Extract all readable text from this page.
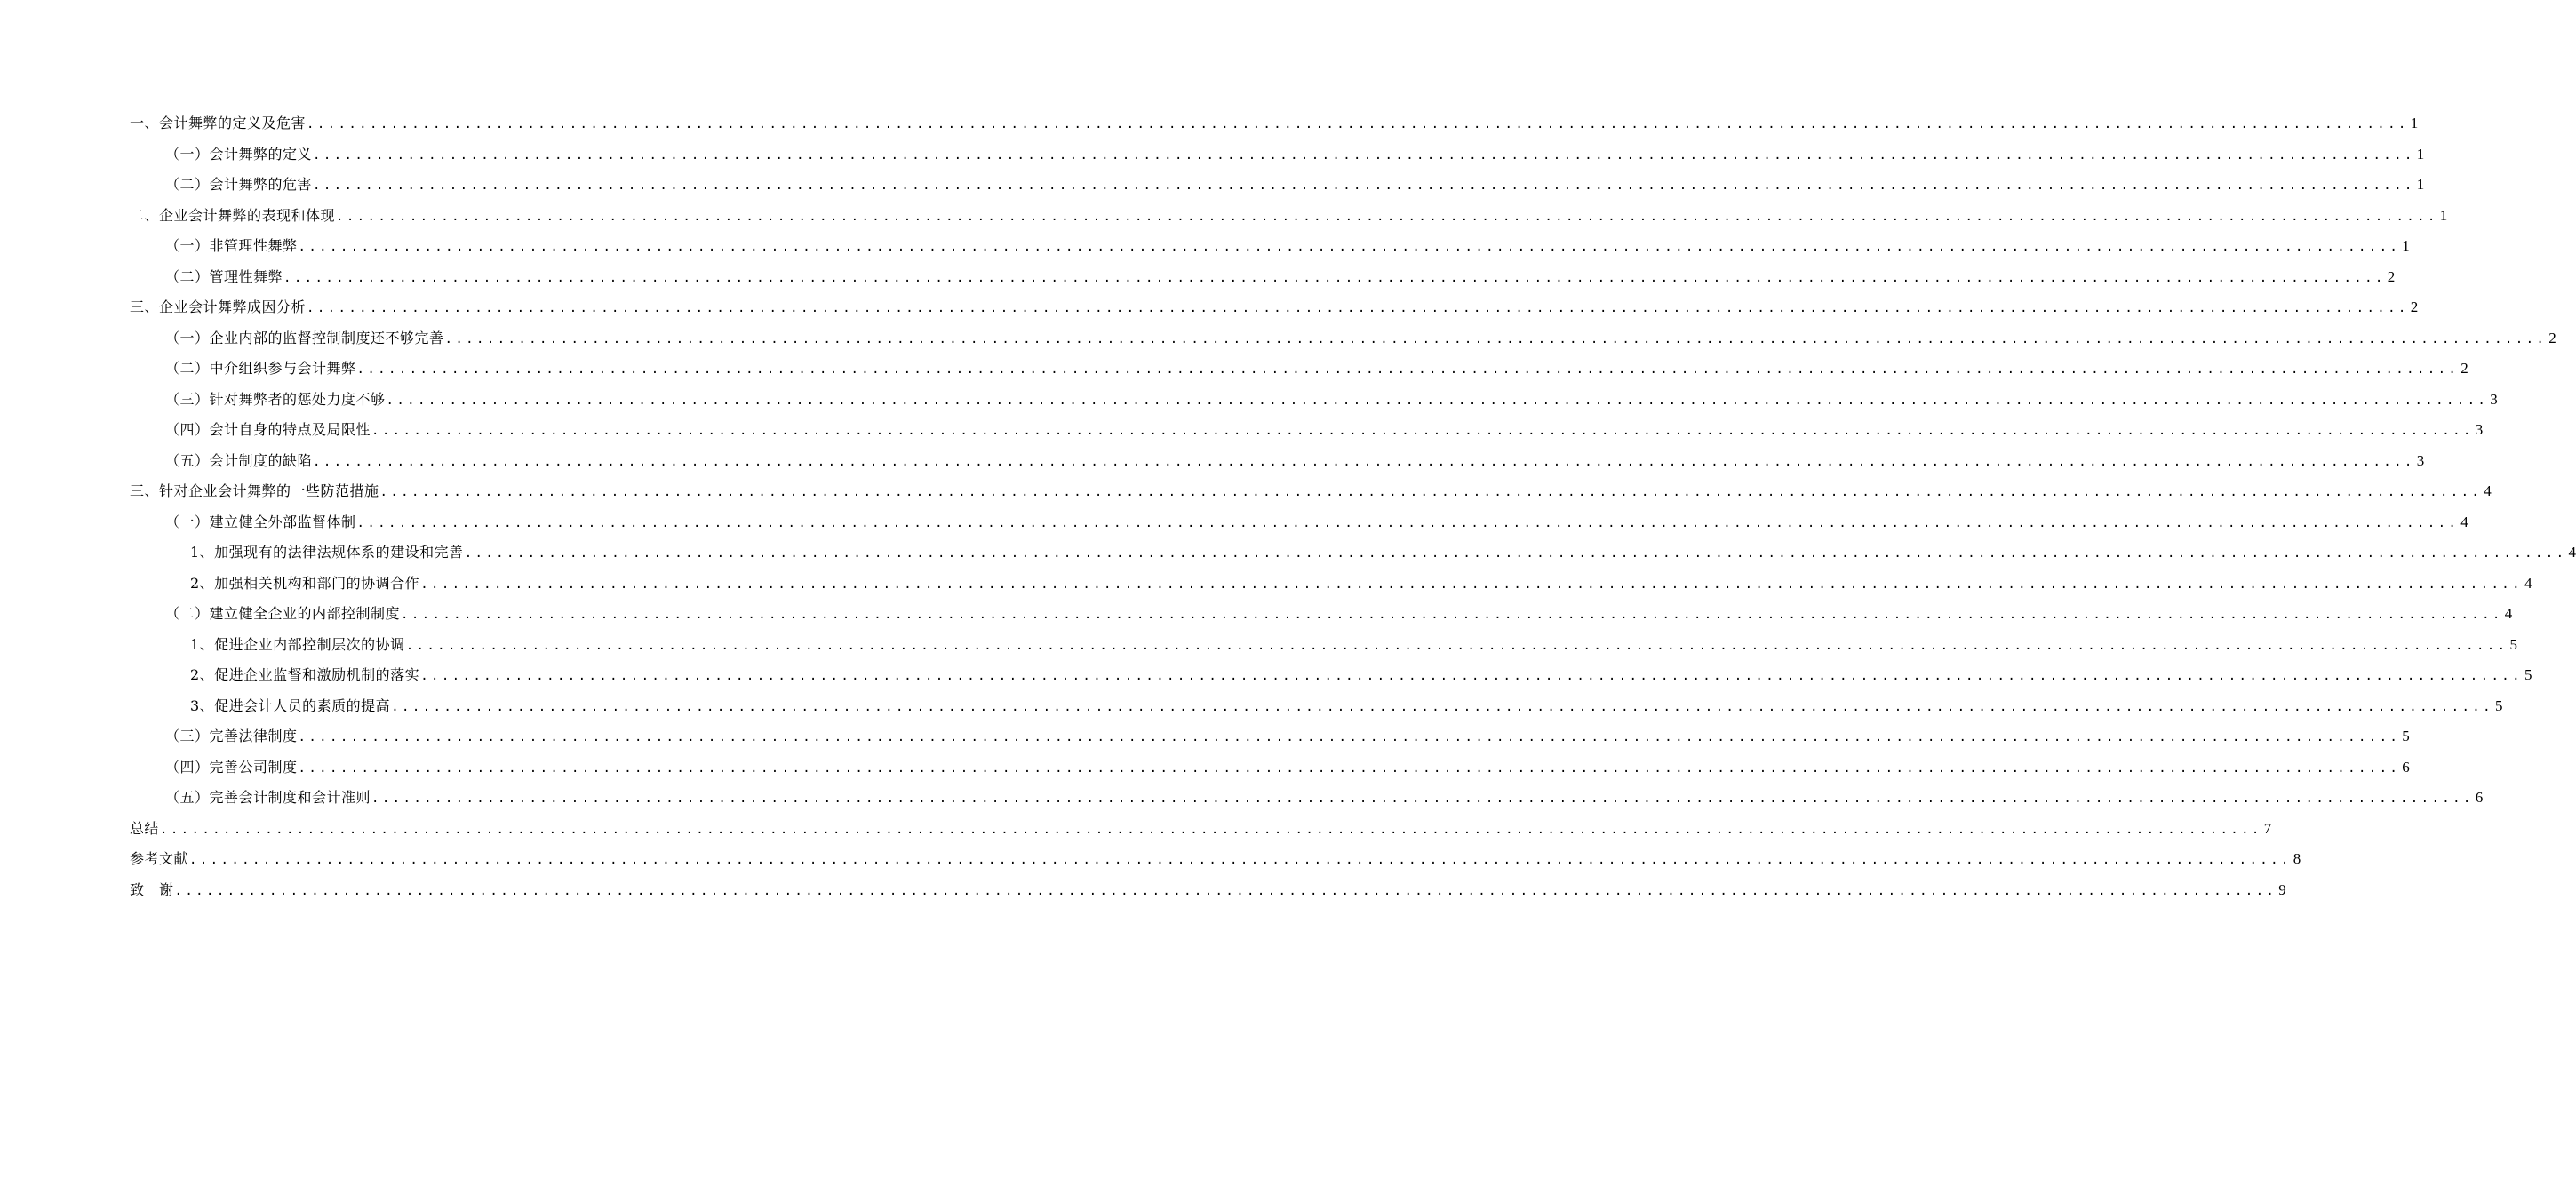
一、会计舞弊的定义及危害 ........................................................................................................................................................................................................ 1
（一）会计舞弊的定义 ........................................................................................................................................................................................................ 1
（二）会计舞弊的危害 ........................................................................................................................................................................................................ 1
二、企业会计舞弊的表现和体现 ........................................................................................................................................................................................................ 1
（一）非管理性舞弊 ........................................................................................................................................................................................................ 1
（二）管理性舞弊 ........................................................................................................................................................................................................ 2
三、企业会计舞弊成因分析 ........................................................................................................................................................................................................ 2
（一）企业内部的监督控制制度还不够完善 ........................................................................................................................................................................................................ 2
（二）中介组织参与会计舞弊 ........................................................................................................................................................................................................ 2
（三）针对舞弊者的惩处力度不够 ........................................................................................................................................................................................................ 3
（四）会计自身的特点及局限性 ........................................................................................................................................................................................................ 3
（五）会计制度的缺陷 ........................................................................................................................................................................................................ 3
三、针对企业会计舞弊的一些防范措施 ........................................................................................................................................................................................................ 4
（一）建立健全外部监督体制 ........................................................................................................................................................................................................ 4
1、加强现有的法律法规体系的建设和完善 ........................................................................................................................................................................................................ 4
2、加强相关机构和部门的协调合作 ........................................................................................................................................................................................................ 4
（二）建立健全企业的内部控制制度 ........................................................................................................................................................................................................ 4
1、促进企业内部控制层次的协调 ........................................................................................................................................................................................................ 5
2、促进企业监督和激励机制的落实 ........................................................................................................................................................................................................ 5
3、促进会计人员的素质的提高 ........................................................................................................................................................................................................ 5
（三）完善法律制度 ........................................................................................................................................................................................................ 5
（四）完善公司制度 ........................................................................................................................................................................................................ 6
（五）完善会计制度和会计准则 ........................................................................................................................................................................................................ 6
总结 ........................................................................................................................................................................................................ 7
参考文献 ........................................................................................................................................................................................................ 8
致　谢 ........................................................................................................................................................................................................ 9
